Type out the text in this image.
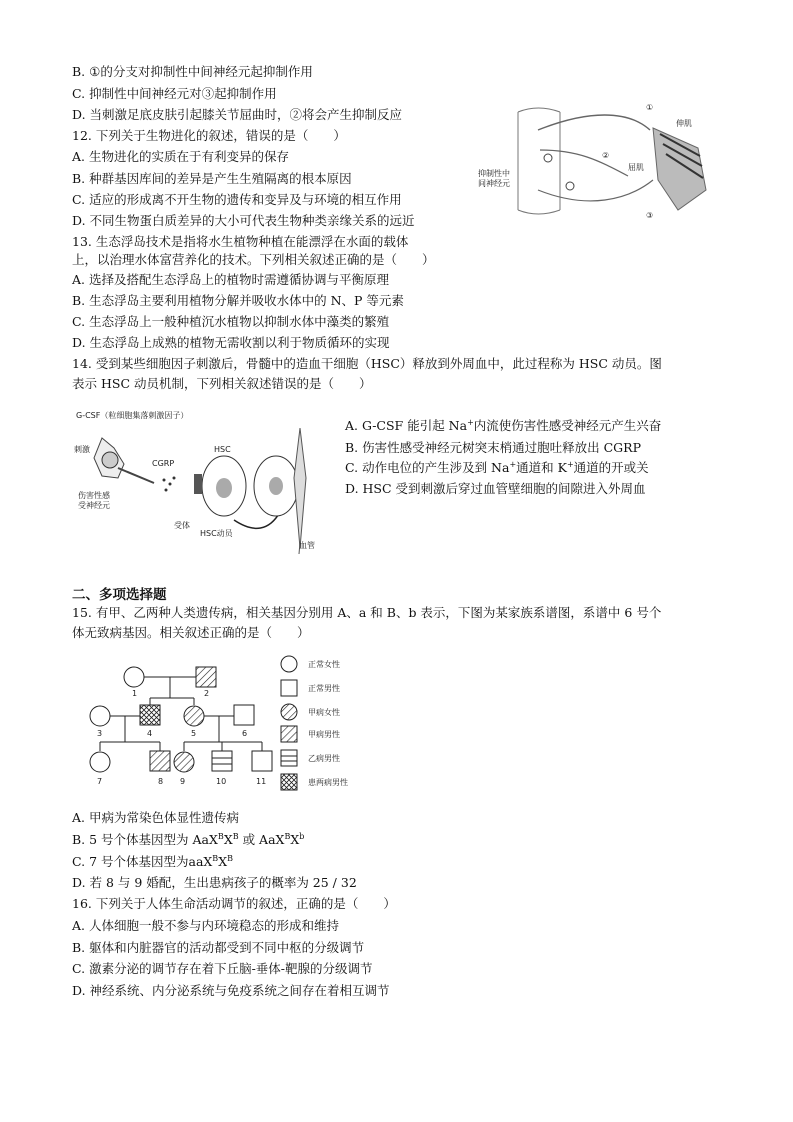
B. ①的分支对抑制性中间神经元起抑制作用
C. 抑制性中间神经元对③起抑制作用
D. 当刺激足底皮肤引起膝关节屈曲时，②将会产生抑制反应
12. 下列关于生物进化的叙述，错误的是（　　）
A. 生物进化的实质在于有利变异的保存
B. 种群基因库间的差异是产生生殖隔离的根本原因
C. 适应的形成离不开生物的遗传和变异及与环境的相互作用
D. 不同生物蛋白质差异的大小可代表生物种类亲缘关系的远近
13. 生态浮岛技术是指将水生植物种植在能漂浮在水面的载体
上，以治理水体富营养化的技术。下列相关叙述正确的是（　　）
A. 选择及搭配生态浮岛上的植物时需遵循协调与平衡原理
B. 生态浮岛主要利用植物分解并吸收水体中的 N、P 等元素
C. 生态浮岛上一般种植沉水植物以抑制水体中藻类的繁殖
D. 生态浮岛上成熟的植物无需收割以利于物质循环的实现
①
②
③
伸肌
屈肌
抑制性中
间神经元
14. 受到某些细胞因子刺激后，骨髓中的造血干细胞（HSC）释放到外周血中，此过程称为 HSC 动员。图
表示 HSC 动员机制，下列相关叙述错误的是（　　）
G-CSF（粒细胞集落刺激因子）
刺激
CGRP
伤害性感
受神经元
HSC
受体
HSC动员
血管
A. G-CSF 能引起 Na+内流使伤害性感受神经元产生兴奋
B. 伤害性感受神经元树突末梢通过胞吐释放出 CGRP
C. 动作电位的产生涉及到 Na+通道和 K+通道的开或关
D. HSC 受到刺激后穿过血管壁细胞的间隙进入外周血
二、多项选择题
15. 有甲、乙两种人类遗传病，相关基因分别用 A、a 和 B、b 表示，下图为某家族系谱图，系谱中 6 号个
体无致病基因。相关叙述正确的是（　　）
1	2
3	4	5	6
7	8 9	10	11
正常女性
正常男性
甲病女性
甲病男性
乙病男性
患两病男性
A. 甲病为常染色体显性遗传病
B. 5 号个体基因型为 $AaX^BX^B$ 或 $AaX^BX^b$
C. 7 号个体基因型为$aaX^BX^B$
D. 若 8 与 9 婚配，生出患病孩子的概率为 25 / 32
16. 下列关于人体生命活动调节的叙述，正确的是（　　）
A. 人体细胞一般不参与内环境稳态的形成和维持
B. 躯体和内脏器官的活动都受到不同中枢的分级调节
C. 激素分泌的调节存在着下丘脑-垂体-靶腺的分级调节
D. 神经系统、内分泌系统与免疫系统之间存在着相互调节
